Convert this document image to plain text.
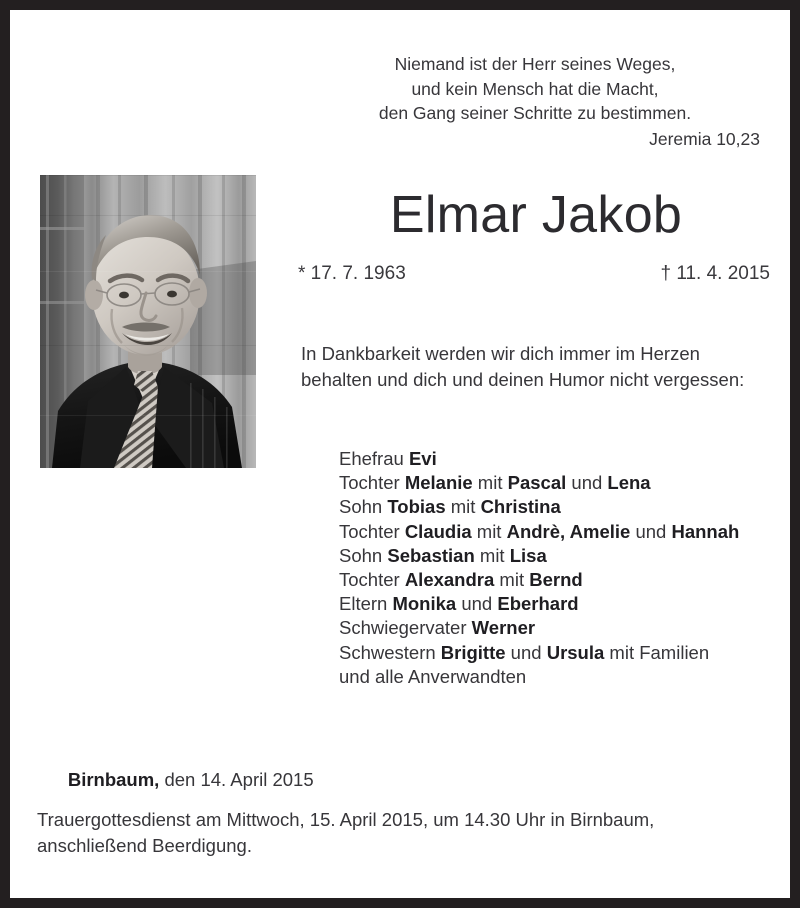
Niemand ist der Herr seines Weges,
und kein Mensch hat die Macht,
den Gang seiner Schritte zu bestimmen.
Jeremia 10,23
Elmar Jakob
* 17. 7. 1963	† 11. 4. 2015
In Dankbarkeit werden wir dich immer im Herzen
behalten und dich und deinen Humor nicht vergessen:
Ehefrau Evi
Tochter Melanie mit Pascal und Lena
Sohn Tobias mit Christina
Tochter Claudia mit Andrè, Amelie und Hannah
Sohn Sebastian mit Lisa
Tochter Alexandra mit Bernd
Eltern Monika und Eberhard
Schwiegervater Werner
Schwestern Brigitte und Ursula mit Familien
und alle Anverwandten

Birnbaum, den 14. April 2015

Trauergottesdienst am Mittwoch, 15. April 2015, um 14.30 Uhr in Birnbaum,
anschließend Beerdigung.
